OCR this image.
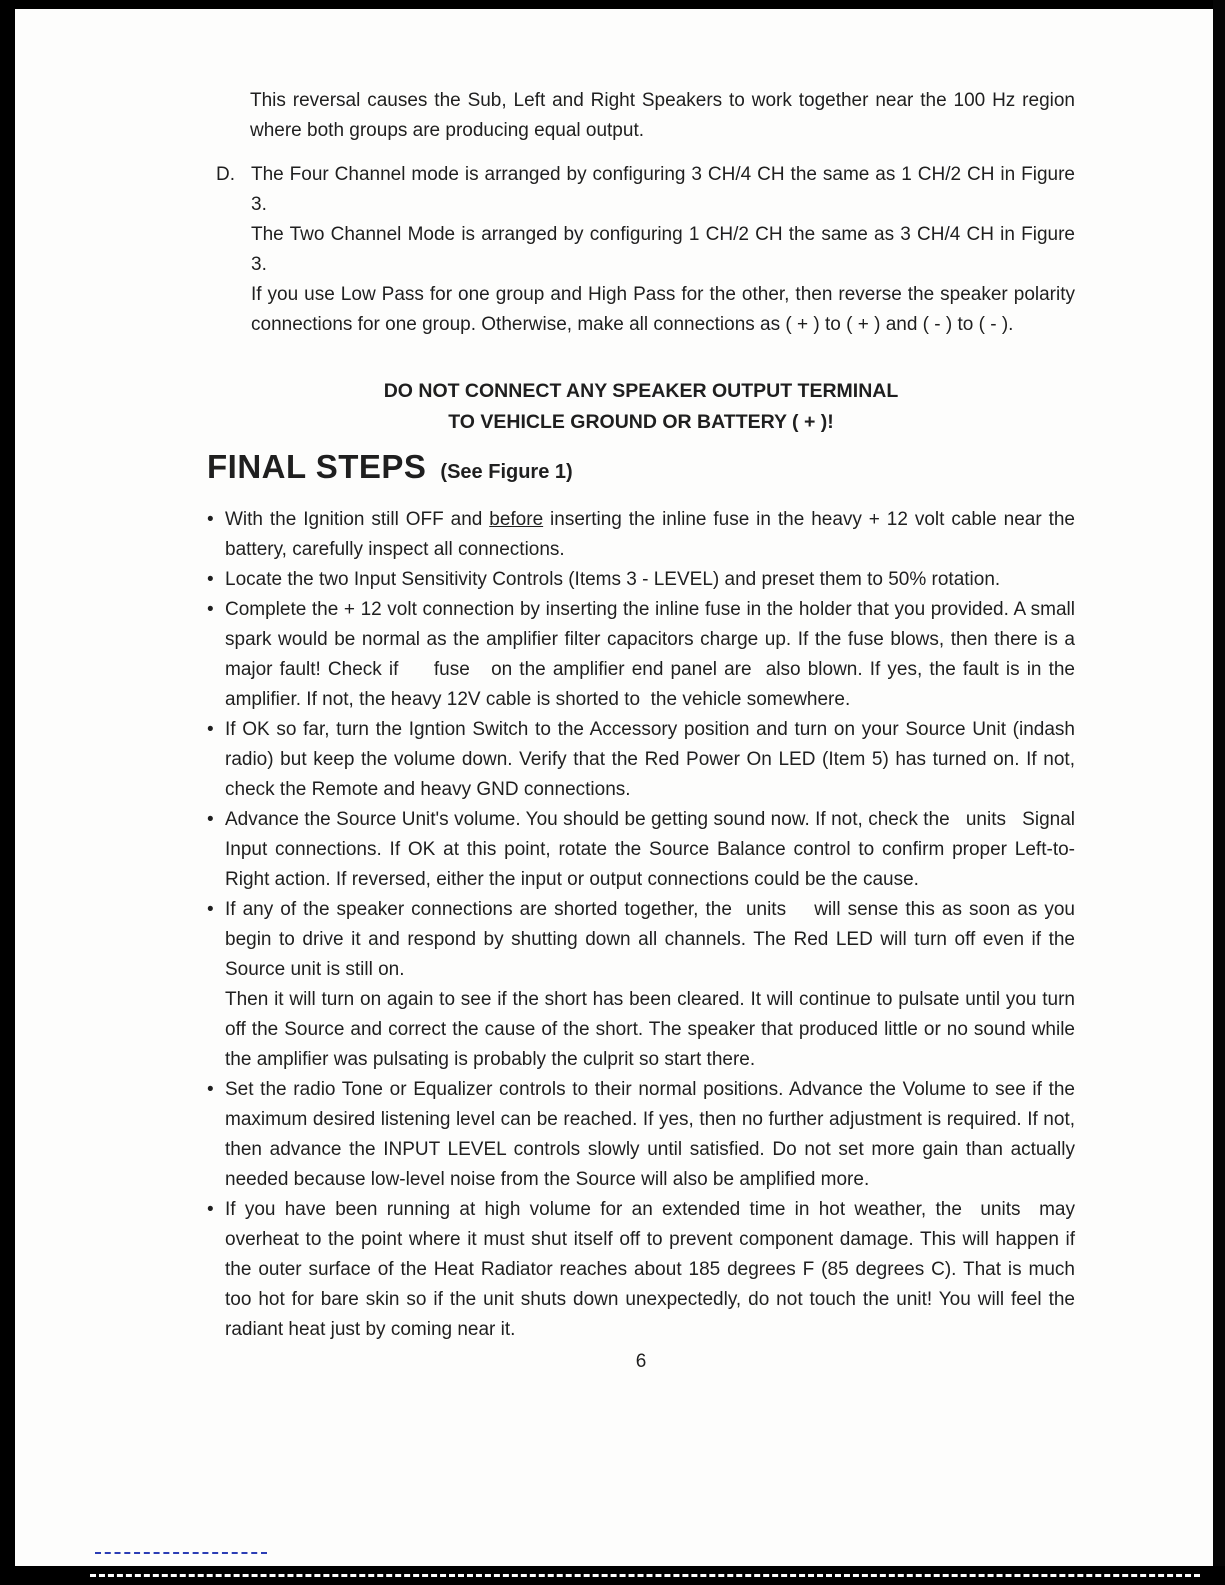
This reversal causes the Sub, Left and Right Speakers to work together near the 100 Hz region where both groups are producing equal output.
D. The Four Channel mode is arranged by configuring 3 CH/4 CH the same as 1 CH/2 CH in Figure 3.
The Two Channel Mode is arranged by configuring 1 CH/2 CH the same as 3 CH/4 CH in Figure 3.
If you use Low Pass for one group and High Pass for the other, then reverse the speaker polarity connections for one group. Otherwise, make all connections as ( + ) to ( + ) and ( - ) to ( - ).
DO NOT CONNECT ANY SPEAKER OUTPUT TERMINAL
TO VEHICLE GROUND OR BATTERY ( + )!
FINAL STEPS (See Figure 1)
• With the Ignition still OFF and before inserting the inline fuse in the heavy + 12 volt cable near the battery, carefully inspect all connections.
• Locate the two Input Sensitivity Controls (Items 3 - LEVEL) and preset them to 50% rotation.
• Complete the + 12 volt connection by inserting the inline fuse in the holder that you provided. A small spark would be normal as the amplifier filter capacitors charge up. If the fuse blows, then there is a major fault! Check if     fuse   on the amplifier end panel are  also blown. If yes, the fault is in the amplifier. If not, the heavy 12V cable is shorted to  the vehicle somewhere.
• If OK so far, turn the Igntion Switch to the Accessory position and turn on your Source Unit (indash radio) but keep the volume down. Verify that the Red Power On LED (Item 5) has turned on. If not, check the Remote and heavy GND connections.
• Advance the Source Unit's volume. You should be getting sound now. If not, check the   units   Signal Input connections. If OK at this point, rotate the Source Balance control to confirm proper Left-to-Right action. If reversed, either the input or output connections could be the cause.
• If any of the speaker connections are shorted together, the  units    will sense this as soon as you begin to drive it and respond by shutting down all channels. The Red LED will turn off even if the Source unit is still on.
Then it will turn on again to see if the short has been cleared. It will continue to pulsate until you turn off the Source and correct the cause of the short. The speaker that produced little or no sound while the amplifier was pulsating is probably the culprit so start there.
• Set the radio Tone or Equalizer controls to their normal positions. Advance the Volume to see if the maximum desired listening level can be reached. If yes, then no further adjustment is required. If not, then advance the INPUT LEVEL controls slowly until satisfied. Do not set more gain than actually needed because low-level noise from the Source will also be amplified more.
• If you have been running at high volume for an extended time in hot weather, the  units  may overheat to the point where it must shut itself off to prevent component damage. This will happen if the outer surface of the Heat Radiator reaches about 185 degrees F (85 degrees C). That is much too hot for bare skin so if the unit shuts down unexpectedly, do not touch the unit! You will feel the radiant heat just by coming near it.
6
